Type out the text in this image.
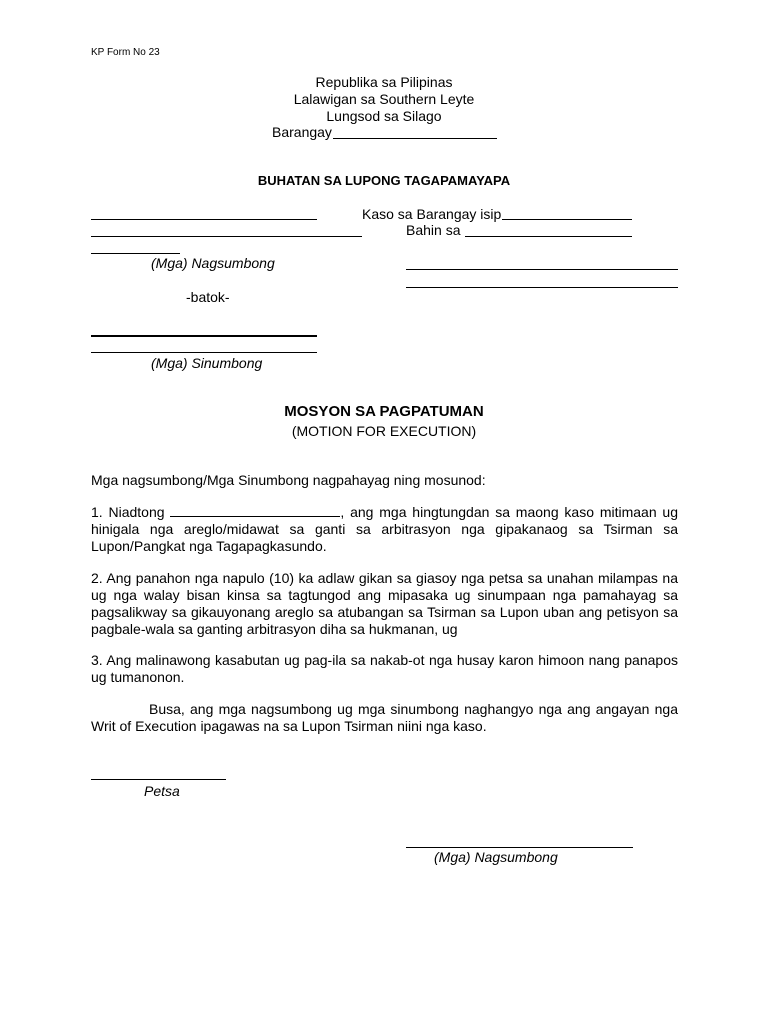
KP Form No 23
Republika sa Pilipinas
Lalawigan sa Southern Leyte
Lungsod sa Silago
Barangay
BUHATAN SA LUPONG TAGAPAMAYAPA
Kaso sa Barangay isip
Bahin sa
(Mga) Nagsumbong
-batok-
(Mga) Sinumbong
MOSYON SA PAGPATUMAN
(MOTION FOR EXECUTION)
Mga nagsumbong/Mga Sinumbong nagpahayag ning mosunod:
1. Niadtong	, ang mga hingtungdan sa maong kaso mitimaan ug hinigala nga areglo/midawat sa ganti sa arbitrasyon nga gipakanaog sa Tsirman sa Lupon/Pangkat nga Tagapagkasundo.
2. Ang panahon nga napulo (10) ka adlaw gikan sa giasoy nga petsa sa unahan milampas na ug nga walay bisan kinsa sa tagtungod ang mipasaka ug sinumpaan nga pamahayag sa pagsalikway sa gikauyonang areglo sa atubangan sa Tsirman sa Lupon uban ang petisyon sa pagbale-wala sa ganting arbitrasyon diha sa hukmanan, ug
3. Ang malinawong kasabutan ug pag-ila sa nakab-ot nga husay karon himoon nang panapos ug tumanonon.
Busa, ang mga nagsumbong ug mga sinumbong naghangyo nga ang angayan nga Writ of Execution ipagawas na sa Lupon Tsirman niini nga kaso.
Petsa
(Mga) Nagsumbong
